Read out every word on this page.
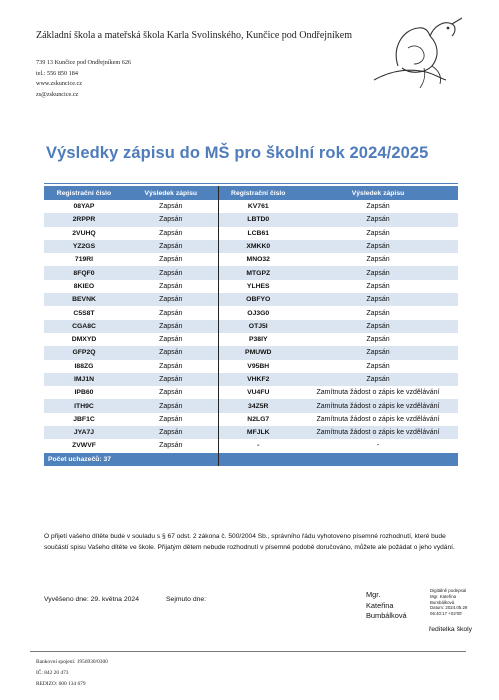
Základní škola a mateřská škola Karla Svolinského, Kunčice pod Ondřejníkem
739 13 Kunčice pod Ondřejníkem 626
tel.: 556 850 184
www.zskuncice.cz
zs@zskuncice.cz
Výsledky zápisu do MŠ pro školní rok 2024/2025
Registrační číslo	Výsledek zápisu	Registrační číslo	Výsledek zápisu
08YAP	Zapsán	KV761	Zapsán
2RPPR	Zapsán	LBTD0	Zapsán
2VUHQ	Zapsán	LCB61	Zapsán
YZ2GS	Zapsán	XMKK0	Zapsán
719RI	Zapsán	MNO32	Zapsán
8FQF0	Zapsán	MTGPZ	Zapsán
8KIEO	Zapsán	YLHES	Zapsán
BEVNK	Zapsán	OBFYO	Zapsán
C5S8T	Zapsán	OJ3G0	Zapsán
CGA8C	Zapsán	OTJ5I	Zapsán
DMXYD	Zapsán	P38IY	Zapsán
GFP2Q	Zapsán	PMUWD	Zapsán
I88ZG	Zapsán	V95BH	Zapsán
IMJ1N	Zapsán	VHKF2	Zapsán
IPB60	Zapsán	VU4FU	Zamítnuta žádost o zápis ke vzdělávání
ITH9C	Zapsán	34Z5R	Zamítnuta žádost o zápis ke vzdělávání
JBF1C	Zapsán	N2LG7	Zamítnuta žádost o zápis ke vzdělávání
JYA7J	Zapsán	MFJLK	Zamítnuta žádost o zápis ke vzdělávání
ZVWVF	Zapsán	-	-
Počet uchazečů: 37			
O přijetí vašeho dítěte bude v souladu s § 67 odst. 2 zákona č. 500/2004 Sb., správního řádu vyhotoveno písemné rozhodnutí, které bude součástí spisu Vašeho dítěte ve škole. Přijatým dětem nebude rozhodnutí v písemné podobě doručováno, můžete ale požádat o jeho vydání.
Vyvěšeno dne: 29. května 2024	Sejmuto dne:
Mgr.
Kateřina
Bumbálková
Digitálně podepsal
Mgr. Kateřina
Bumbálková
Datum: 2024.05.29
06:40:17 +02'00'
ředitelka školy
Bankovní spojení: 1956930/0300
IČ: 842 20 473
REDIZO: 600 134 679
